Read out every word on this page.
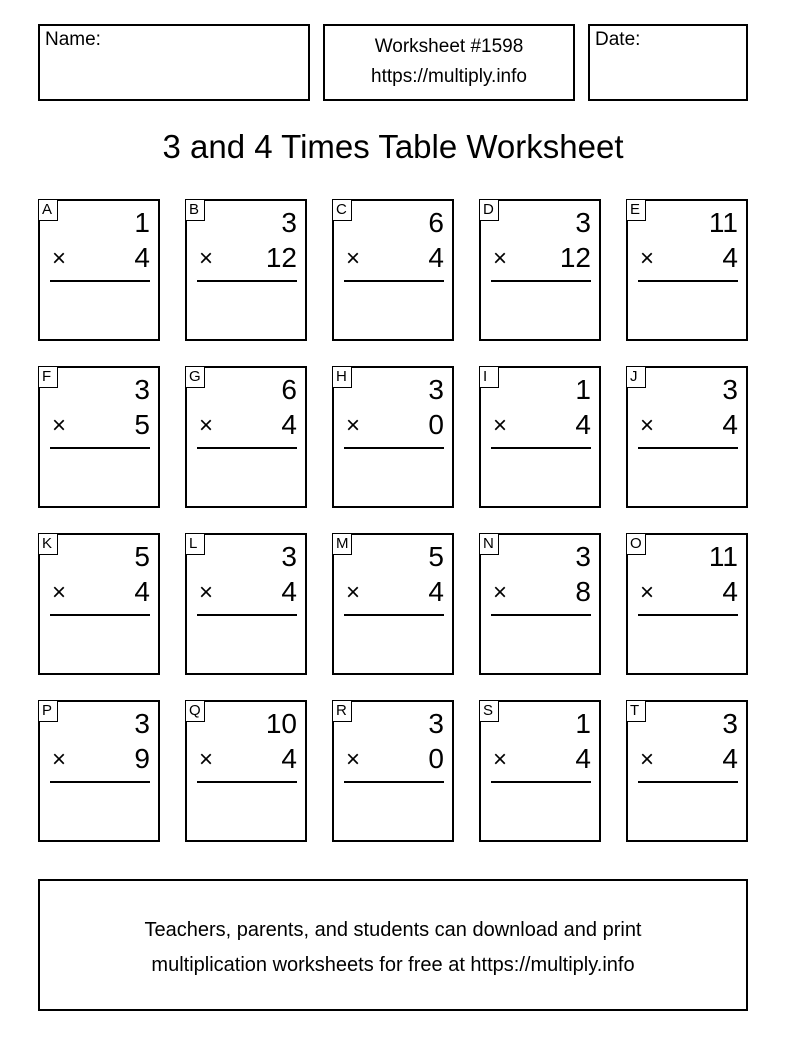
Name:	Worksheet #1598
https://multiply.info
Date:
3 and 4 Times Table Worksheet
A	1
× 4
B	3
× 12
C	6
× 4
D	3
× 12
E 11
× 4
F	3
× 5
G	6
× 4
H	3
× 0
I	1
× 4
J	3
× 4
K	5
× 4
L	3
× 4
M	5
× 4
N	3
× 8
O 11
× 4
P	3
× 9
Q 10
× 4
R	3
× 0
S	1
× 4
T	3
× 4
Teachers, parents, and students can download and print
multiplication worksheets for free at https://multiply.info
